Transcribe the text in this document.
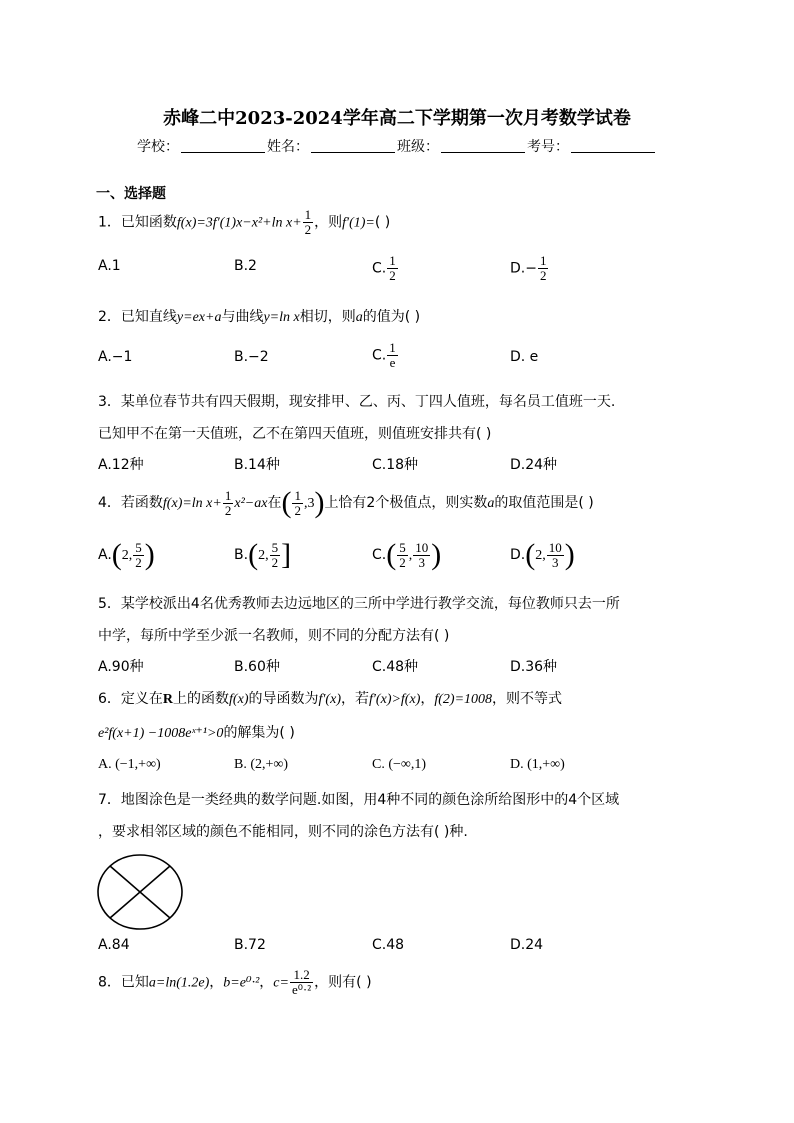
赤峰二中2023-2024学年高二下学期第一次月考数学试卷
学校：	姓名：	班级：	考号：
一、选择题
1．已知函数f(x)=3f′(1)x−x²+ln $x+ \frac{1}{2}$ ，则f′(1)=( )
A.1	B.2	C. $\frac{1}{2}$	$D.- \frac{1}{2}$
2．已知直线y=ex+a与曲线y=ln x相切，则a的值为( )
A.−1	B.−2	C. $\frac{1}{e}$	D. e
3．某单位春节共有四天假期，现安排甲、乙、丙、丁四人值班，每名员工值班一天.
已知甲不在第一天值班，乙不在第四天值班，则值班安排共有( )
A.12种	B.14种	C.18种	D.24种
4．若函数f(x)=ln $x+ \frac{1}{2} x^2-ax$在( $\frac{1}{2} ,3$)上恰有2个极值点，则实数a的取值范围是( )
A.(2, $\frac{5}{2}$ )	B.(2, $\frac{5}{2}$ ]	$C.( \frac{5}{2}$ , $\frac{10}{3}$ )	D.(2, $\frac{10}{3}$ )
5．某学校派出4名优秀教师去边远地区的三所中学进行教学交流，每位教师只去一所
中学，每所中学至少派一名教师，则不同的分配方法有( )
A.90种	B.60种	C.48种	D.36种
6．定义在R上的函数f(x)的导函数为f′(x)，若f′(x)>f(x)，f(2)=1008，则不等式
e²f(x+1) −1008eˣ⁺¹>0的解集为( )
A. (−1,+∞)	B. (2,+∞)	C. (−∞,1)	D. (1,+∞)
7．地图涂色是一类经典的数学问题.如图，用4种不同的颜色涂所给图形中的4个区域
，要求相邻区域的颜色不能相同，则不同的涂色方法有( )种.
A.84	B.72	C.48	D.24
8．已知a=ln(1.2e)，b=e⁰·²，$c= \frac{1.2}{\text{e⁰·²}}$ ，则有( )
